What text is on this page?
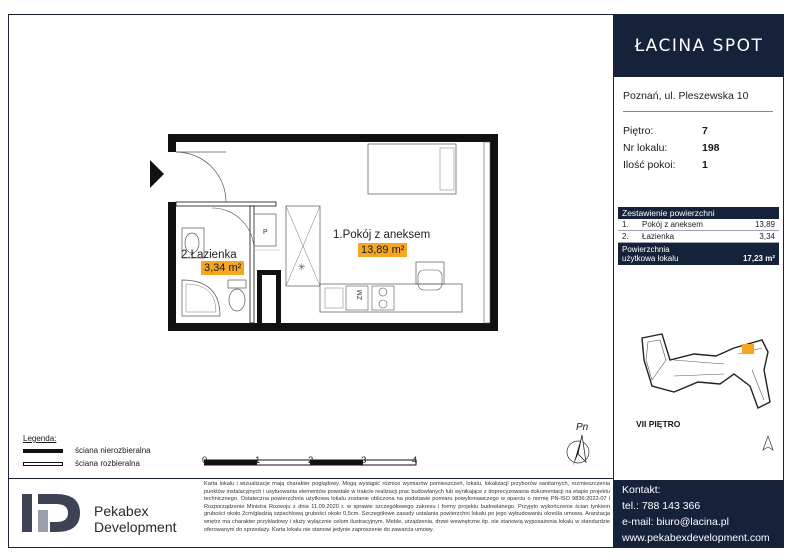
P
ZM
✳
1.Pokój z aneksem
13,89 m²
2.Łazienka
3,34 m²
ŁACINA SPOT
Poznań, ul. Pleszewska 10
Piętro:	7
Nr lokalu:	198
Ilość pokoi:	1
Zestawienie powierzchni
1.	Pokój z aneksem	13,89
2.	Łazienka	3,34
Powierzchnia
użytkowa lokalu	17,23 m²
VII PIĘTRO
Kontakt:
tel.: 788 143 366
e-mail: biuro@lacina.pl
www.pekabexdevelopment.com
Legenda:
ściana nierozbieralna
ściana rozbieralna	0	1	2	3	4
Pn
Pekabex
Development
Karta lokalu i wizualizacje mają charakter poglądowy. Mogą wystąpić różnice wymiarów pomieszczeń, lokalu, lokalizacji przyborów sanitarnych, rozmieszczenia punktów instalacyjnych i usytuowania elementów powstałe w trakcie realizacji prac budowlanych lub wynikające z doprecyzowania dokumentacji na etapie projektu technicznego. Ostateczna powierzchnia użytkowa lokalu zostanie obliczona na podstawie pomiaru powykonawczego w oparciu o normę PN-ISO 9836:2022-07 i Rozporządzenie Ministra Rozwoju z dnia 11.09.2020 r. w sprawie szczegółowego zakresu i formy projektu budowlanego. Przyjęto wykończenie ścian tynkiem grubości około 2cm/gładzią szpachlową grubości około 0,5cm. Szczegółowe zasady ustalania powierzchni lokalu po jego wybudowaniu określa umowa. Aranżacja wnętrz ma charakter przykładowy i służy wyłącznie celom ilustracyjnym. Meble, urządzenia, drzwi wewnętrzne itp. nie stanowią wyposażenia lokalu w standardzie oferowanym do sprzedaży. Karta lokalu nie stanowi jedynie zaproszenie do zawarcia umowy.
